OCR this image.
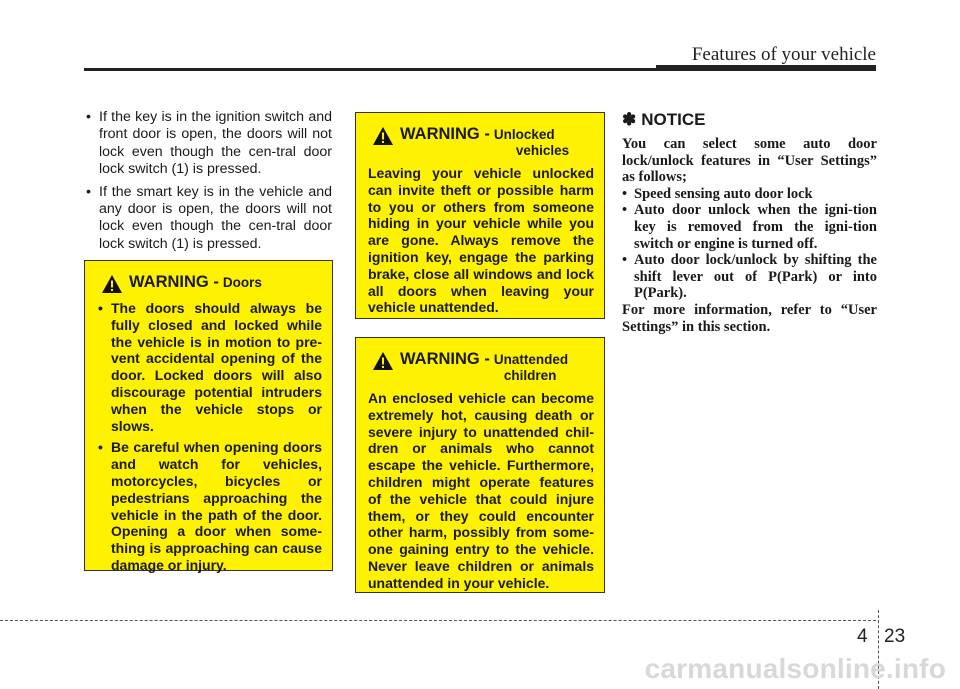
Features of your vehicle
• If the key is in the ignition switch and front door is open, the doors will not lock even though the cen-tral door lock switch (1) is pressed.
• If the smart key is in the vehicle and any door is open, the doors will not lock even though the cen-tral door lock switch (1) is pressed.
WARNING - Doors
• The doors should always be fully closed and locked while the vehicle is in motion to pre-vent accidental opening of the door. Locked doors will also discourage potential intruders when the vehicle stops or slows.
• Be careful when opening doors and watch for vehicles, motorcycles, bicycles or pedestrians approaching the vehicle in the path of the door. Opening a door when some-thing is approaching can cause damage or injury.
WARNING - Unlocked
vehicles

Leaving your vehicle unlocked can invite theft or possible harm to you or others from someone hiding in your vehicle while you are gone. Always remove the ignition key, engage the parking brake, close all windows and lock all doors when leaving your vehicle unattended.

WARNING - Unattended
children

An enclosed vehicle can become extremely hot, causing death or severe injury to unattended chil-dren or animals who cannot escape the vehicle. Furthermore, children might operate features of the vehicle that could injure them, or they could encounter other harm, possibly from some-one gaining entry to the vehicle. Never leave children or animals unattended in your vehicle.

✽ NOTICE

You can select some auto door lock/unlock features in “User Settings” as follows;

• Speed sensing auto door lock
• Auto door unlock when the igni-tion key is removed from the igni-tion switch or engine is turned off.
• Auto door lock/unlock by shifting the shift lever out of P(Park) or into P(Park).

For more information, refer to “User Settings” in this section.

4 23
carmanualsonline.info
